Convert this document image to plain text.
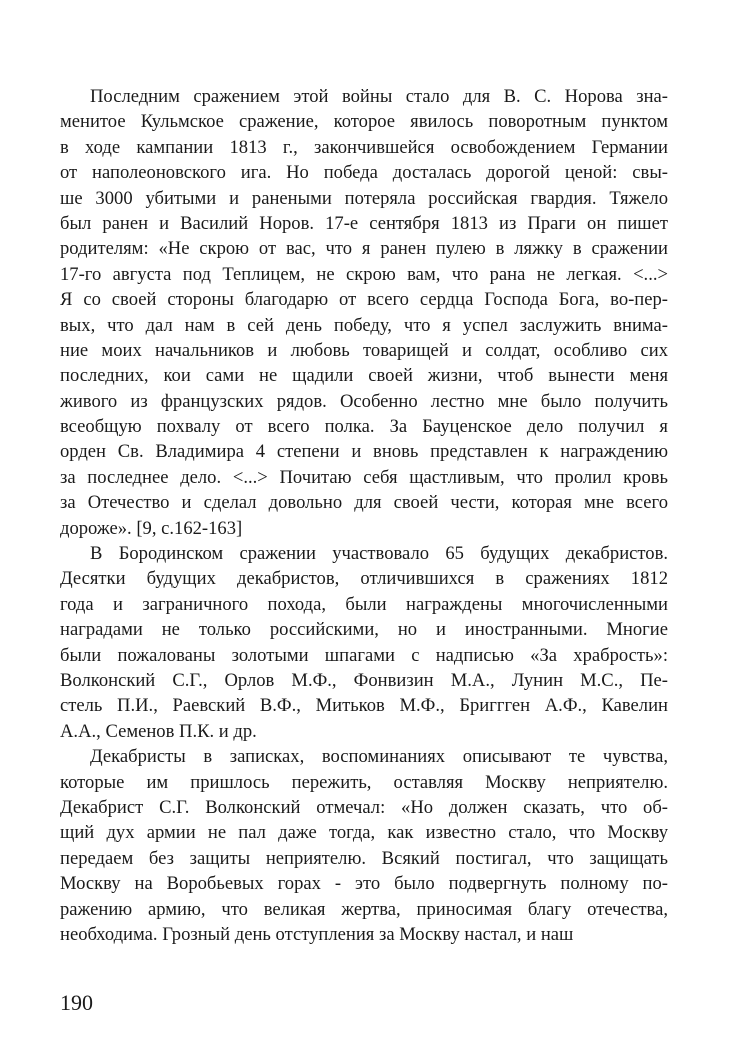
Последним сражением этой войны стало для В. С. Норова зна-
менитое Кульмское сражение, которое явилось поворотным пунктом
в ходе кампании 1813 г., закончившейся освобождением Германии
от наполеоновского ига. Но победа досталась дорогой ценой: свы-
ше 3000 убитыми и ранеными потеряла российская гвардия. Тяжело
был ранен и Василий Норов. 17-е сентября 1813 из Праги он пишет
родителям: «Не скрою от вас, что я ранен пулею в ляжку в сражении
17-го августа под Теплицем, не скрою вам, что рана не легкая. <...>
Я со своей стороны благодарю от всего сердца Господа Бога, во-пер-
вых, что дал нам в сей день победу, что я успел заслужить внима-
ние моих начальников и любовь товарищей и солдат, особливо сих
последних, кои сами не щадили своей жизни, чтоб вынести меня
живого из французских рядов. Особенно лестно мне было получить
всеобщую похвалу от всего полка. За Бауценское дело получил я
орден Св. Владимира 4 степени и вновь представлен к награждению
за последнее дело. <...> Почитаю себя щастливым, что пролил кровь
за Отечество и сделал довольно для своей чести, которая мне всего
дороже». [9, с.162-163]
В Бородинском сражении участвовало 65 будущих декабристов.
Десятки будущих декабристов, отличившихся в сражениях 1812
года и заграничного похода, были награждены многочисленными
наградами не только российскими, но и иностранными. Многие
были пожалованы золотыми шпагами с надписью «За храбрость»:
Волконский С.Г., Орлов М.Ф., Фонвизин М.А., Лунин М.С., Пе-
стель П.И., Раевский В.Ф., Митьков М.Ф., Бриггген А.Ф., Кавелин
А.А., Семенов П.К. и др.
Декабристы в записках, воспоминаниях описывают те чувства,
которые им пришлось пережить, оставляя Москву неприятелю.
Декабрист С.Г. Волконский отмечал: «Но должен сказать, что об-
щий дух армии не пал даже тогда, как известно стало, что Москву
передаем без защиты неприятелю. Всякий постигал, что защищать
Москву на Воробьевых горах - это было подвергнуть полному по-
ражению армию, что великая жертва, приносимая благу отечества,
необходима. Грозный день отступления за Москву настал, и наш
190
